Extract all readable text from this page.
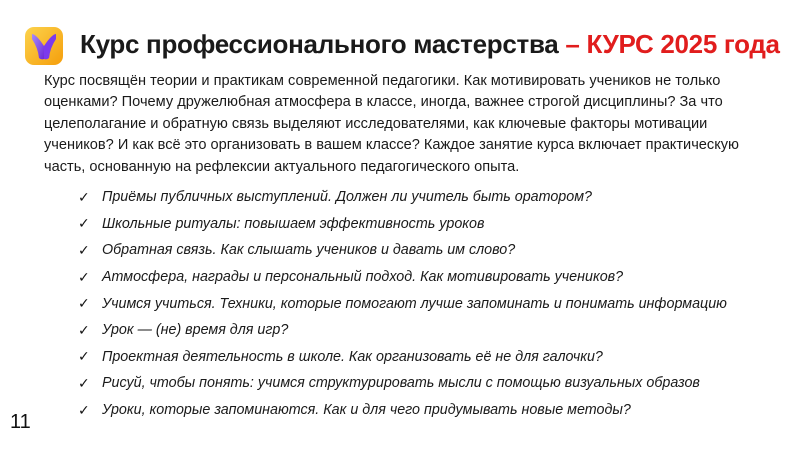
Курс профессионального мастерства – КУРС 2025 года
Курс посвящён теории и практикам современной педагогики. Как мотивировать учеников не только оценками? Почему дружелюбная атмосфера в классе, иногда, важнее строгой дисциплины? За что целеполагание и обратную связь выделяют исследователями, как ключевые факторы мотивации учеников? И как всё это организовать в вашем классе? Каждое занятие курса включает практическую часть, основанную на рефлексии актуального педагогического опыта.
✓ Приёмы публичных выступлений. Должен ли учитель быть оратором?
✓ Школьные ритуалы: повышаем эффективность уроков
✓ Обратная связь. Как слышать учеников и давать им слово?
✓ Атмосфера, награды и персональный подход. Как мотивировать учеников?
✓ Учимся учиться. Техники, которые помогают лучше запоминать и понимать информацию
✓ Урок — (не) время для игр?
✓ Проектная деятельность в школе. Как организовать её не для галочки?
✓ Рисуй, чтобы понять: учимся структурировать мысли с помощью визуальных образов
✓ Уроки, которые запоминаются. Как и для чего придумывать новые методы?
11
